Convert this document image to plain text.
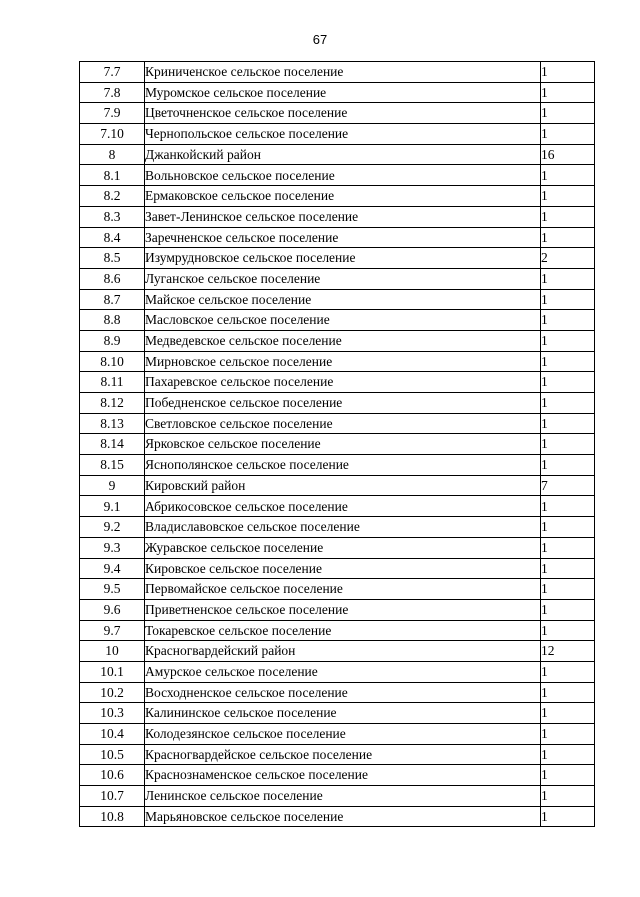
67
7.7	Криниченское сельское поселение	1
7.8	Муромское сельское поселение	1
7.9	Цветочненское сельское поселение	1
7.10	Чернопольское сельское поселение	1
8	Джанкойский район	16
8.1	Вольновское сельское поселение	1
8.2	Ермаковское сельское поселение	1
8.3	Завет-Ленинское сельское поселение	1
8.4	Заречненское сельское поселение	1
8.5	Изумрудновское сельское поселение	2
8.6	Луганское сельское поселение	1
8.7	Майское сельское поселение	1
8.8	Масловское сельское поселение	1
8.9	Медведевское сельское поселение	1
8.10	Мирновское сельское поселение	1
8.11	Пахаревское сельское поселение	1
8.12	Победненское сельское поселение	1
8.13	Светловское сельское поселение	1
8.14	Ярковское сельское поселение	1
8.15	Яснополянское сельское поселение	1
9	Кировский район	7
9.1	Абрикосовское сельское поселение	1
9.2	Владиславовское сельское поселение	1
9.3	Журавское сельское поселение	1
9.4	Кировское сельское поселение	1
9.5	Первомайское сельское поселение	1
9.6	Приветненское сельское поселение	1
9.7	Токаревское сельское поселение	1
10	Красногвардейский район	12
10.1	Амурское сельское поселение	1
10.2	Восходненское сельское поселение	1
10.3	Калининское сельское поселение	1
10.4	Колодезянское сельское поселение	1
10.5	Красногвардейское сельское поселение	1
10.6	Краснознаменское сельское поселение	1
10.7	Ленинское сельское поселение	1
10.8	Марьяновское сельское поселение	1
